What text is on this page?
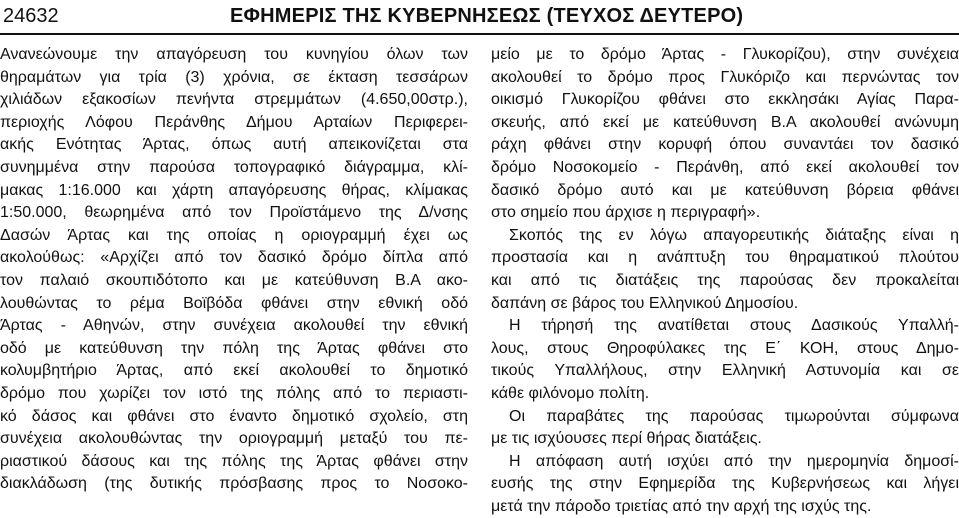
24632	ΕΦΗΜΕΡΙΣ ΤΗΣ ΚΥΒΕΡΝΗΣΕΩΣ (ΤΕΥΧΟΣ ΔΕΥΤΕΡΟ)

Ανανεώνουμε την απαγόρευση του κυνηγίου όλων των

θηραμάτων για τρία (3) χρόνια, σε έκταση τεσσάρων

χιλιάδων εξακοσίων πενήντα στρεμμάτων (4.650,00στρ.),

περιοχής Λόφου Περάνθης Δήμου Αρταίων Περιφερει-

ακής Ενότητας Άρτας, όπως αυτή απεικονίζεται στα

συνημμένα στην παρούσα τοπογραφικό διάγραμμα, κλί-

μακας 1:16.000 και χάρτη απαγόρευσης θήρας, κλίμακας

1:50.000, θεωρημένα από τον Προϊστάμενο της Δ/νσης

Δασών Άρτας και της οποίας η οριογραμμή έχει ως

ακολούθως: «Αρχίζει από τον δασικό δρόμο δίπλα από

τον παλαιό σκουπιδότοπο και με κατεύθυνση Β.Α ακο-

λουθώντας το ρέμα Βοϊβόδα φθάνει στην εθνική οδό

Άρτας - Αθηνών, στην συνέχεια ακολουθεί την εθνική

οδό με κατεύθυνση την πόλη της Άρτας φθάνει στο

κολυμβητήριο Άρτας, από εκεί ακολουθεί το δημοτικό

δρόμο που χωρίζει τον ιστό της πόλης από το περιαστι-

κό δάσος και φθάνει στο έναντο δημοτικό σχολείο, στη

συνέχεια ακολουθώντας την οριογραμμή μεταξύ του πε-

ριαστικού δάσους και της πόλης της Άρτας φθάνει στην

διακλάδωση (της δυτικής πρόσβασης προς το Νοσοκο-

μείο με το δρόμο Άρτας - Γλυκορίζου), στην συνέχεια

ακολουθεί το δρόμο προς Γλυκόριζο και περνώντας τον

οικισμό Γλυκορίζου φθάνει στο εκκλησάκι Αγίας Παρα-

σκευής, από εκεί με κατεύθυνση Β.Α ακολουθεί ανώνυμη

ράχη φθάνει στην κορυφή όπου συναντάει τον δασικό

δρόμο Νοσοκομείο - Περάνθη, από εκεί ακολουθεί τον

δασικό δρόμο αυτό και με κατεύθυνση βόρεια φθάνει

στο σημείο που άρχισε η περιγραφή».

Σκοπός της εν λόγω απαγορευτικής διάταξης είναι η

προστασία και η ανάπτυξη του θηραματικού πλούτου

και από τις διατάξεις της παρούσας δεν προκαλείται

δαπάνη σε βάρος του Ελληνικού Δημοσίου.

Η τήρησή της ανατίθεται στους Δασικούς Υπαλλή-

λους, στους Θηροφύλακες της Ε΄ ΚΟΗ, στους Δημο-

τικούς Υπαλλήλους, στην Ελληνική Αστυνομία και σε

κάθε φιλόνομο πολίτη.

Οι παραβάτες της παρούσας τιμωρούνται σύμφωνα

με τις ισχύουσες περί θήρας διατάξεις.

Η απόφαση αυτή ισχύει από την ημερομηνία δημοσί-

ευσής της στην Εφημερίδα της Κυβερνήσεως και λήγει

μετά την πάροδο τριετίας από την αρχή της ισχύς της.
